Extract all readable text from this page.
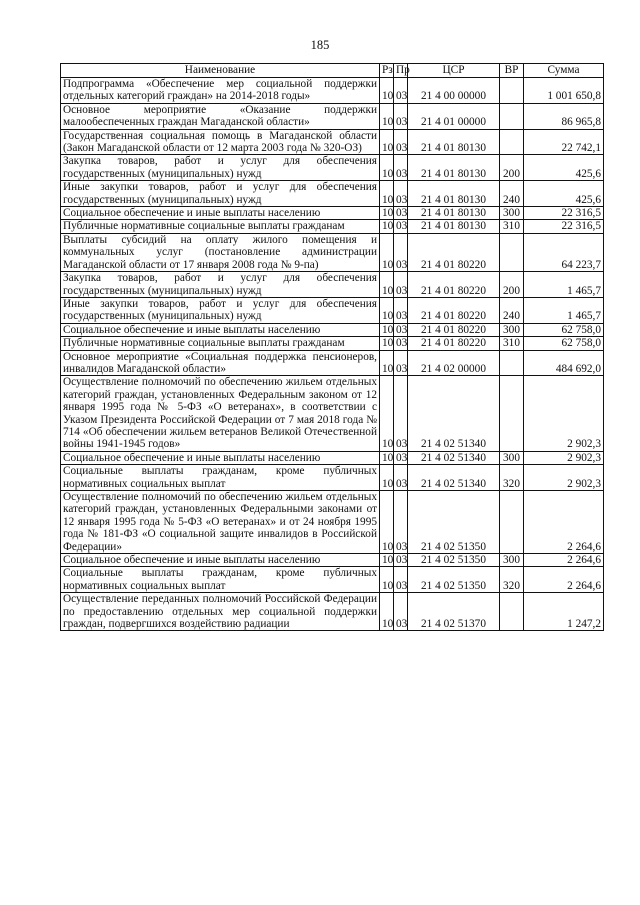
185
Наименование	Рз	Пр	ЦСР	ВР	Сумма
Подпрограмма «Обеспечение мер социальной поддержки отдельных категорий граждан» на 2014-2018 годы»	10	03	21 4 00 00000		1 001 650,8
Основное мероприятие «Оказание поддержки малообеспеченных граждан Магаданской области»	10	03	21 4 01 00000		86 965,8
Государственная социальная помощь в Магаданской области (Закон Магаданской области от 12 марта 2003 года № 320-ОЗ)	10	03	21 4 01 80130		22 742,1
Закупка товаров, работ и услуг для обеспечения государственных (муниципальных) нужд	10	03	21 4 01 80130	200	425,6
Иные закупки товаров, работ и услуг для обеспечения государственных (муниципальных) нужд	10	03	21 4 01 80130	240	425,6
Социальное обеспечение и иные выплаты населению	10	03	21 4 01 80130	300	22 316,5
Публичные нормативные социальные выплаты гражданам	10	03	21 4 01 80130	310	22 316,5
Выплаты субсидий на оплату жилого помещения и коммунальных услуг (постановление администрации Магаданской области от 17 января 2008 года № 9-па)	10	03	21 4 01 80220		64 223,7
Закупка товаров, работ и услуг для обеспечения государственных (муниципальных) нужд	10	03	21 4 01 80220	200	1 465,7
Иные закупки товаров, работ и услуг для обеспечения государственных (муниципальных) нужд	10	03	21 4 01 80220	240	1 465,7
Социальное обеспечение и иные выплаты населению	10	03	21 4 01 80220	300	62 758,0
Публичные нормативные социальные выплаты гражданам	10	03	21 4 01 80220	310	62 758,0
Основное мероприятие «Социальная поддержка пенсионеров, инвалидов Магаданской области»	10	03	21 4 02 00000		484 692,0
Осуществление полномочий по обеспечению жильем отдельных категорий граждан, установленных Федеральным законом от 12 января 1995 года № 5-ФЗ «О ветеранах», в соответствии с Указом Президента Российской Федерации от 7 мая 2018 года № 714 «Об обеспечении жильем ветеранов Великой Отечественной войны 1941-1945 годов»	10	03	21 4 02 51340		2 902,3
Социальное обеспечение и иные выплаты населению	10	03	21 4 02 51340	300	2 902,3
Социальные выплаты гражданам, кроме публичных нормативных социальных выплат	10	03	21 4 02 51340	320	2 902,3
Осуществление полномочий по обеспечению жильем отдельных категорий граждан, установленных Федеральными законами от 12 января 1995 года № 5-ФЗ «О ветеранах» и от 24 ноября 1995 года № 181-ФЗ «О социальной защите инвалидов в Российской Федерации»	10	03	21 4 02 51350		2 264,6
Социальное обеспечение и иные выплаты населению	10	03	21 4 02 51350	300	2 264,6
Социальные выплаты гражданам, кроме публичных нормативных социальных выплат	10	03	21 4 02 51350	320	2 264,6
Осуществление переданных полномочий Российской Федерации по предоставлению отдельных мер социальной поддержки граждан, подвергшихся воздействию радиации	10	03	21 4 02 51370		1 247,2
